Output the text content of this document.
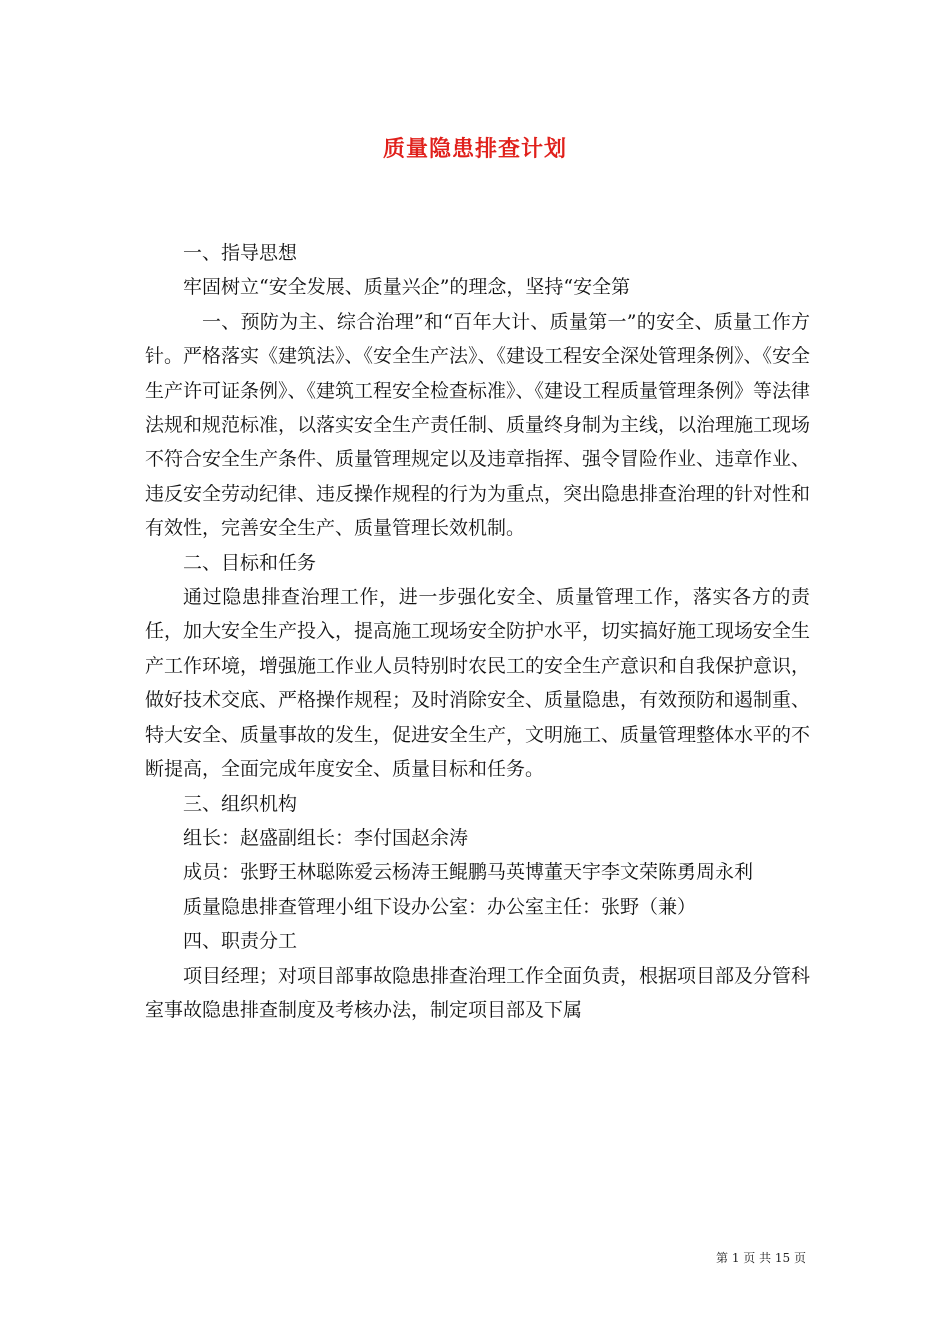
质量隐患排查计划

一、指导思想

牢固树立“安全发展、质量兴企”的理念，坚持“安全第

一、预防为主、综合治理”和“百年大计、质量第一”的安全、质量工作方针。严格落实《建筑法》、《安全生产法》、《建设工程安全深处管理条例》、《安全生产许可证条例》、《建筑工程安全检查标准》、《建设工程质量管理条例》等法律法规和规范标准，以落实安全生产责任制、质量终身制为主线，以治理施工现场不符合安全生产条件、质量管理规定以及违章指挥、强令冒险作业、违章作业、违反安全劳动纪律、违反操作规程的行为为重点，突出隐患排查治理的针对性和有效性，完善安全生产、质量管理长效机制。

二、目标和任务

通过隐患排查治理工作，进一步强化安全、质量管理工作，落实各方的责任，加大安全生产投入，提高施工现场安全防护水平，切实搞好施工现场安全生产工作环境，增强施工作业人员特别时农民工的安全生产意识和自我保护意识，做好技术交底、严格操作规程；及时消除安全、质量隐患，有效预防和遏制重、特大安全、质量事故的发生，促进安全生产，文明施工、质量管理整体水平的不断提高，全面完成年度安全、质量目标和任务。

三、组织机构

组长：赵盛副组长：李付国赵余涛

成员：张野王林聪陈爱云杨涛王鲲鹏马英博董天宇李文荣陈勇周永利

质量隐患排查管理小组下设办公室：办公室主任：张野（兼）

四、职责分工

项目经理；对项目部事故隐患排查治理工作全面负责，根据项目部及分管科室事故隐患排查制度及考核办法，制定项目部及下属

第 1 页 共 15 页
